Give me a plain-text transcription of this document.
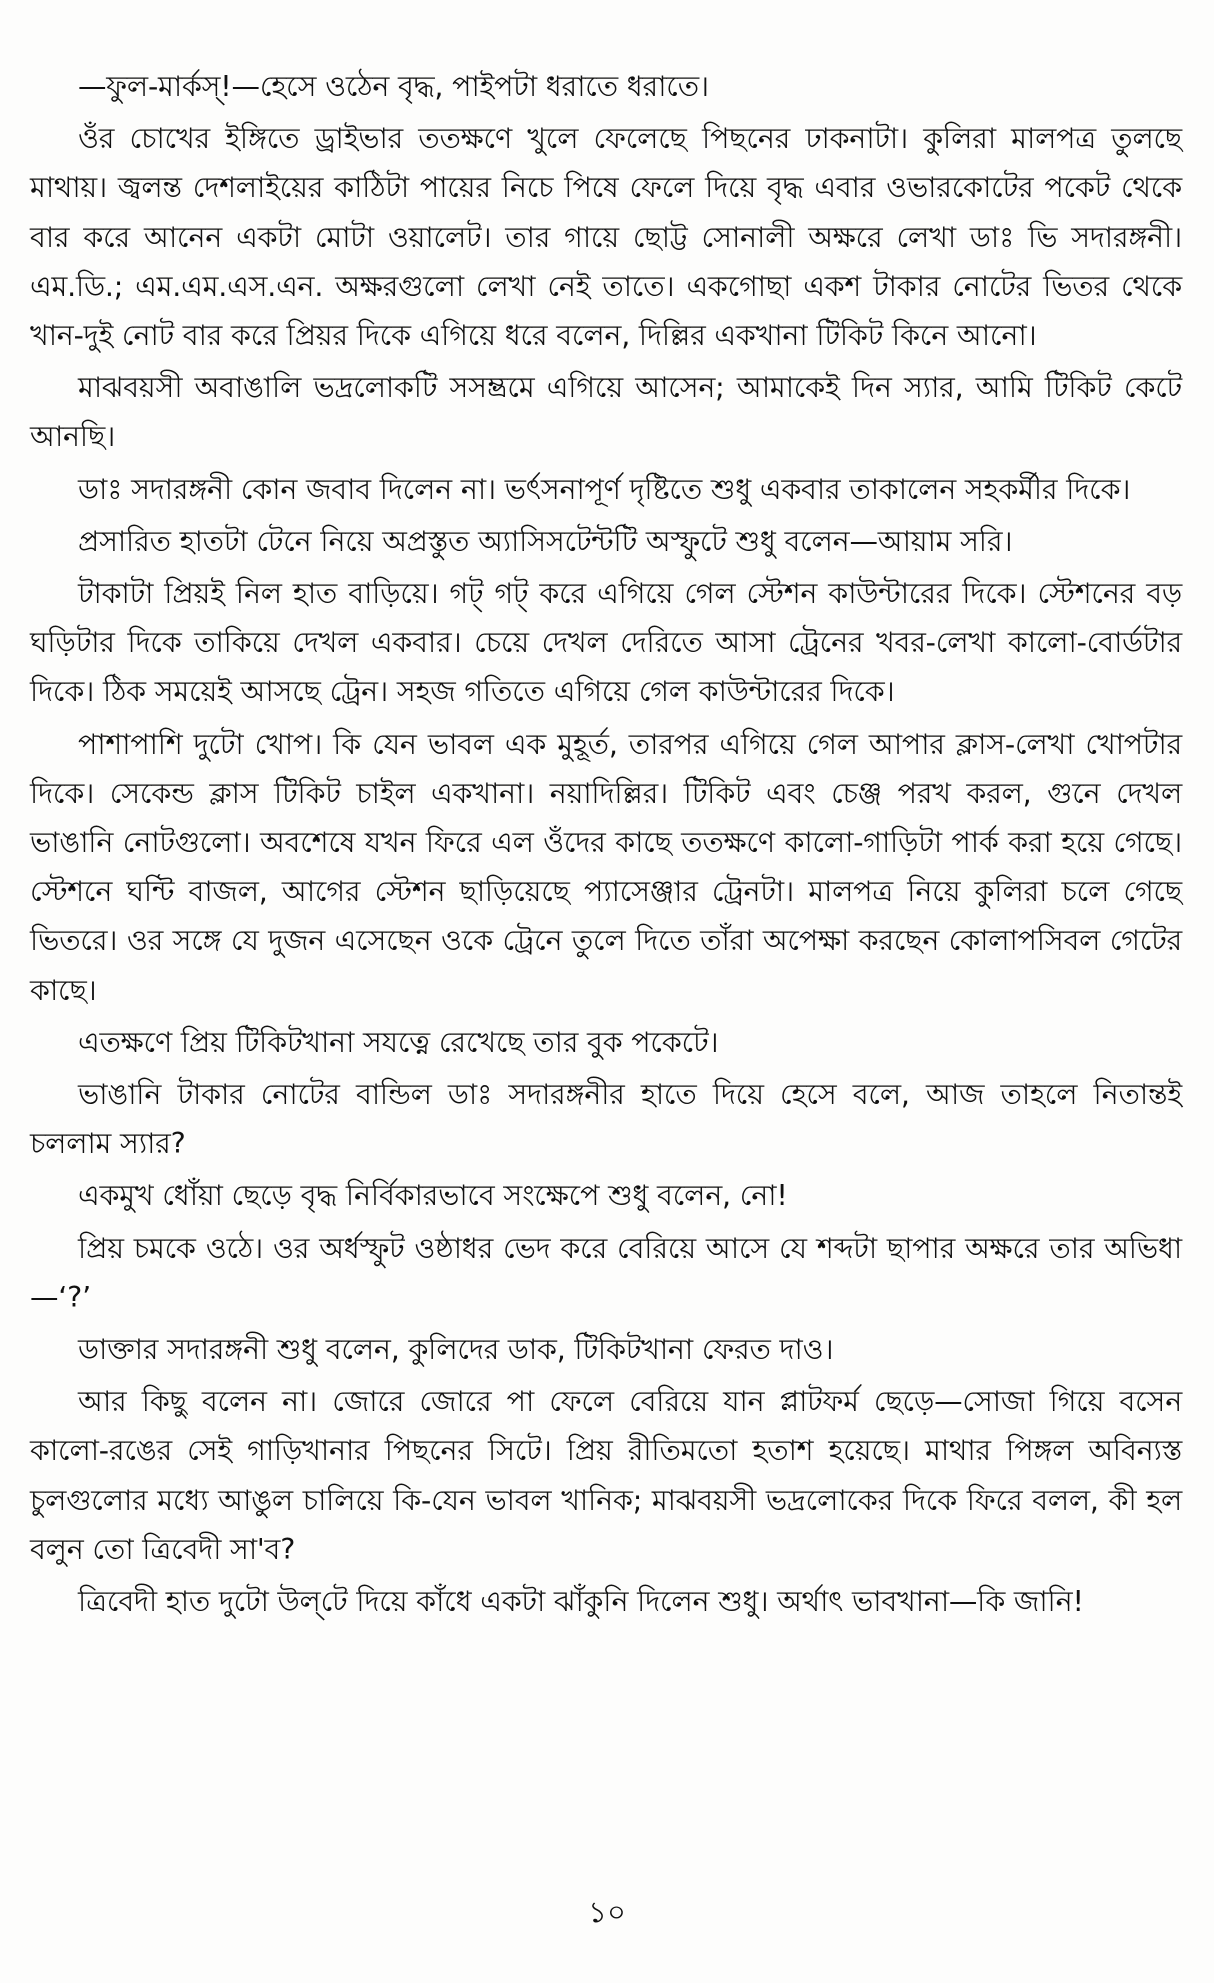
—ফুল-মার্কস্!—হেসে ওঠেন বৃদ্ধ, পাইপটা ধরাতে ধরাতে।

ওঁর চোখের ইঙ্গিতে ড্রাইভার ততক্ষণে খুলে ফেলেছে পিছনের ঢাকনাটা। কুলিরা মালপত্র তুলছে মাথায়। জ্বলন্ত দেশলাইয়ের কাঠিটা পায়ের নিচে পিষে ফেলে দিয়ে বৃদ্ধ এবার ওভারকোটের পকেট থেকে বার করে আনেন একটা মোটা ওয়ালেট। তার গায়ে ছোট্ট সোনালী অক্ষরে লেখা ডাঃ ভি সদারঙ্গনী। এম.ডি.; এম.এম.এস.এন. অক্ষরগুলো লেখা নেই তাতে। একগোছা একশ টাকার নোটের ভিতর থেকে খান-দুই নোট বার করে প্রিয়র দিকে এগিয়ে ধরে বলেন, দিল্লির একখানা টিকিট কিনে আনো।

মাঝবয়সী অবাঙালি ভদ্রলোকটি সসম্ভ্রমে এগিয়ে আসেন; আমাকেই দিন স্যার, আমি টিকিট কেটে আনছি।

ডাঃ সদারঙ্গনী কোন জবাব দিলেন না। ভর্ৎসনাপূর্ণ দৃষ্টিতে শুধু একবার তাকালেন সহকর্মীর দিকে।

প্রসারিত হাতটা টেনে নিয়ে অপ্রস্তুত অ্যাসিসটেন্টটি অস্ফুটে শুধু বলেন—আয়াম সরি।

টাকাটা প্রিয়ই নিল হাত বাড়িয়ে। গট্‌ গট্‌ করে এগিয়ে গেল স্টেশন কাউন্টারের দিকে। স্টেশনের বড় ঘড়িটার দিকে তাকিয়ে দেখল একবার। চেয়ে দেখল দেরিতে আসা ট্রেনের খবর-লেখা কালো-বোর্ডটার দিকে। ঠিক সময়েই আসছে ট্রেন। সহজ গতিতে এগিয়ে গেল কাউন্টারের দিকে।

পাশাপাশি দুটো খোপ। কি যেন ভাবল এক মুহূর্ত, তারপর এগিয়ে গেল আপার ক্লাস-লেখা খোপটার দিকে। সেকেন্ড ক্লাস টিকিট চাইল একখানা। নয়াদিল্লির। টিকিট এবং চেঞ্জ পরখ করল, গুনে দেখল ভাঙানি নোটগুলো। অবশেষে যখন ফিরে এল ওঁদের কাছে ততক্ষণে কালো-গাড়িটা পার্ক করা হয়ে গেছে। স্টেশনে ঘন্টি বাজল, আগের স্টেশন ছাড়িয়েছে প্যাসেঞ্জার ট্রেনটা। মালপত্র নিয়ে কুলিরা চলে গেছে ভিতরে। ওর সঙ্গে যে দুজন এসেছেন ওকে ট্রেনে তুলে দিতে তাঁরা অপেক্ষা করছেন কোলাপসিবল গেটের কাছে।

এতক্ষণে প্রিয় টিকিটখানা সযত্নে রেখেছে তার বুক পকেটে।

ভাঙানি টাকার নোটের বান্ডিল ডাঃ সদারঙ্গনীর হাতে দিয়ে হেসে বলে, আজ তাহলে নিতান্তই চললাম স্যার?

একমুখ ধোঁয়া ছেড়ে বৃদ্ধ নির্বিকারভাবে সংক্ষেপে শুধু বলেন, নো!

প্রিয় চমকে ওঠে। ওর অর্ধস্ফুট ওষ্ঠাধর ভেদ করে বেরিয়ে আসে যে শব্দটা ছাপার অক্ষরে তার অভিধা—‘?’

ডাক্তার সদারঙ্গনী শুধু বলেন, কুলিদের ডাক, টিকিটখানা ফেরত দাও।

আর কিছু বলেন না। জোরে জোরে পা ফেলে বেরিয়ে যান প্লাটফর্ম ছেড়ে—সোজা গিয়ে বসেন কালো-রঙের সেই গাড়িখানার পিছনের সিটে। প্রিয় রীতিমতো হতাশ হয়েছে। মাথার পিঙ্গল অবিন্যস্ত চুলগুলোর মধ্যে আঙুল চালিয়ে কি-যেন ভাবল খানিক; মাঝবয়সী ভদ্রলোকের দিকে ফিরে বলল, কী হল বলুন তো ত্রিবেদী সা'ব?

ত্রিবেদী হাত দুটো উল্‌টে দিয়ে কাঁধে একটা ঝাঁকুনি দিলেন শুধু। অর্থাৎ ভাবখানা—কি জানি!

১০
